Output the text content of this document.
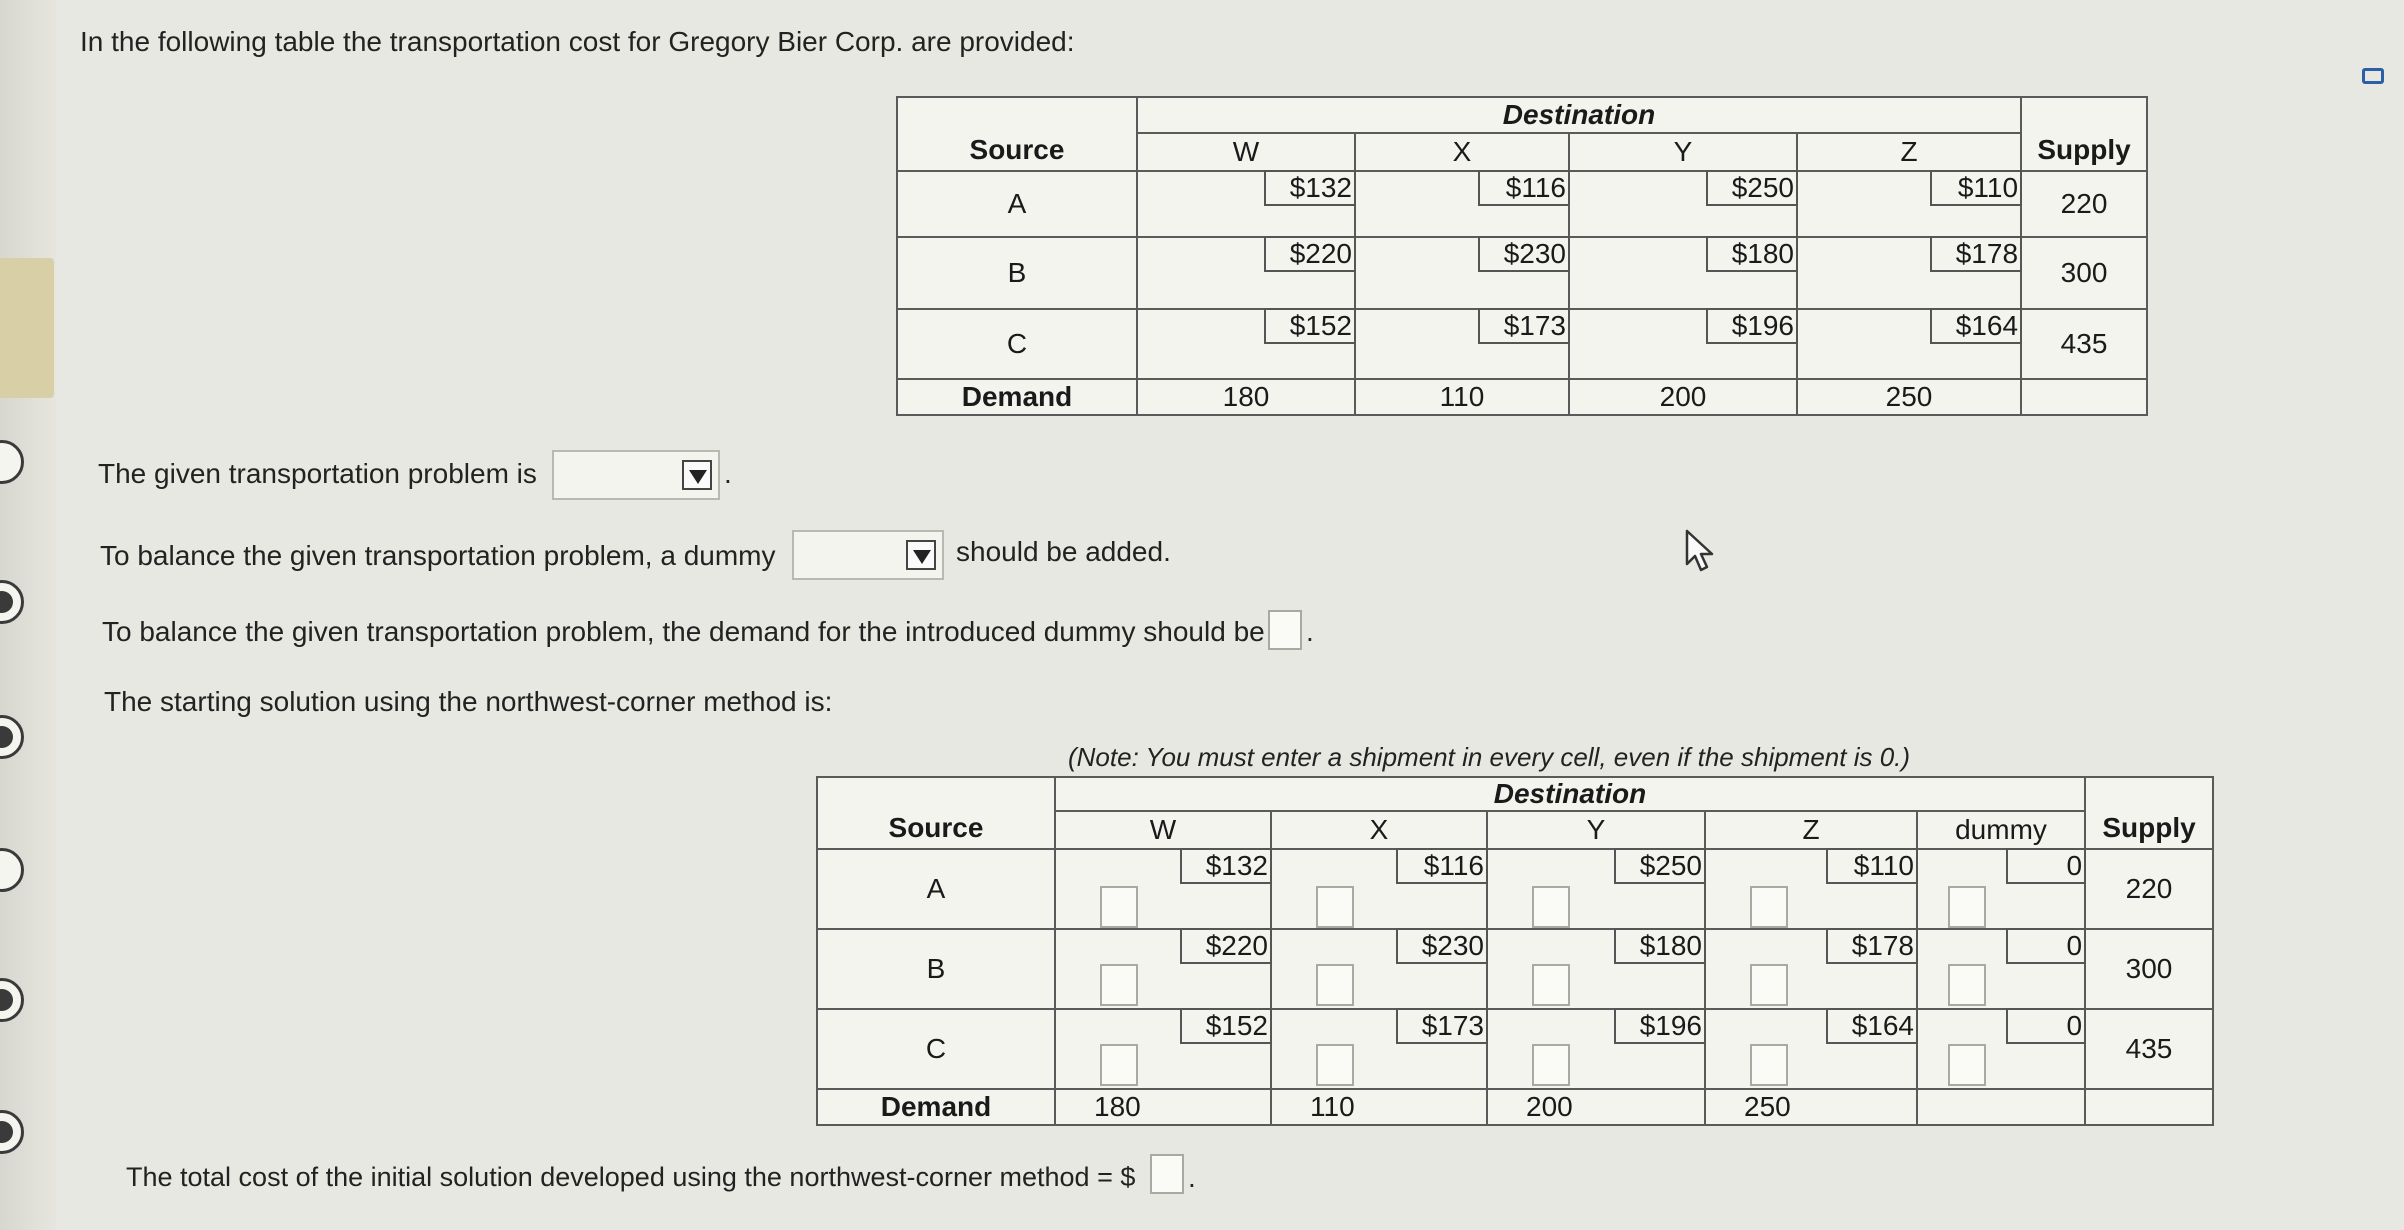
In the following table the transportation cost for Gregory Bier Corp. are provided:
Source	Destination				Supply
	W	X	Y	Z	
A	$132	$116	$250	$110	220
B	$220	$230	$180	$178	300
C	$152	$173	$196	$164	435
Demand	180	110	200	250	
The given transportation problem is	.
To balance the given transportation problem, a dummy	should be added.
To balance the given transportation problem, the demand for the introduced dummy should be .
The starting solution using the northwest-corner method is:
(Note: You must enter a shipment in every cell, even if the shipment is 0.)
Source	Destination					Supply
	W	X	Y	Z	dummy	
A	$132	$116	$250	$110	0	220
B	$220	$230	$180	$178	0	300
C	$152	$173	$196	$164	0	435
Demand	180	110	200	250		
The total cost of the initial solution developed using the northwest-corner method = $ .
